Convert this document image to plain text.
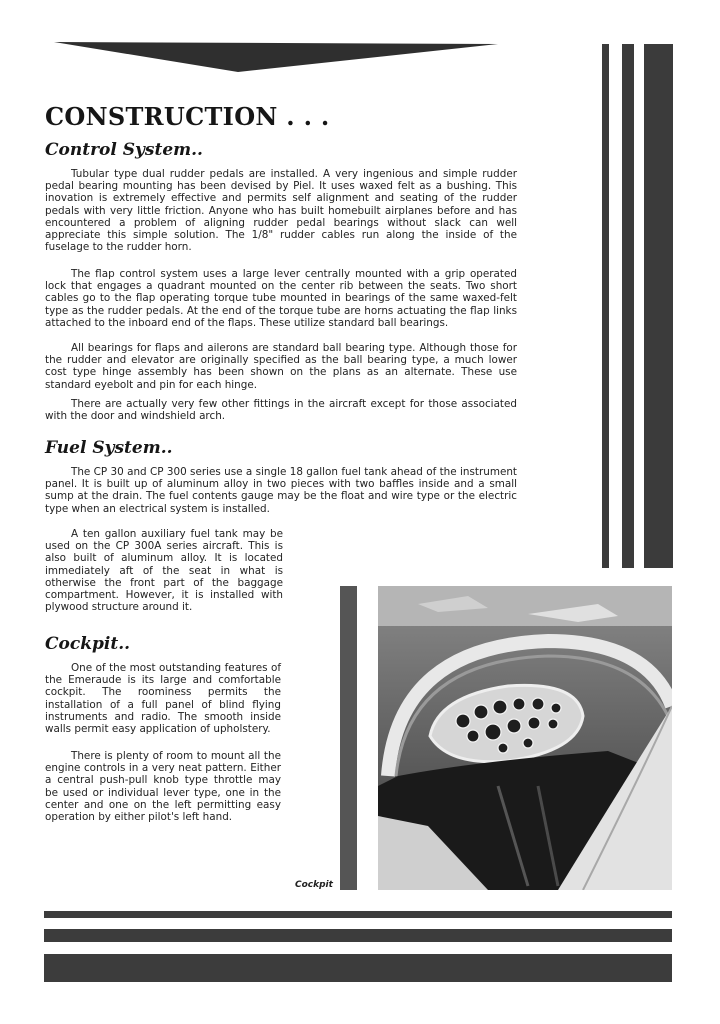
CONSTRUCTION . . .
Control System..

Tubular type dual rudder pedals are installed. A very ingenious and simple rudder pedal bearing mounting has been devised by Piel. It uses waxed felt as a bushing. This inovation is extremely effective and permits self alignment and seating of the rudder pedals with very little friction. Anyone who has built homebuilt airplanes before and has encountered a problem of aligning rudder pedal bearings without slack can well appreciate this simple solution. The 1/8" rudder cables run along the inside of the fuselage to the rudder horn.

The flap control system uses a large lever centrally mounted with a grip operated lock that engages a quadrant mounted on the center rib between the seats. Two short cables go to the flap operating torque tube mounted in bearings of the same waxed-felt type as the rudder pedals. At the end of the torque tube are horns actuating the flap links attached to the inboard end of the flaps. These utilize standard ball bearings.

All bearings for flaps and ailerons are standard ball bearing type. Although those for the rudder and elevator are originally specified as the ball bearing type, a much lower cost type hinge assembly has been shown on the plans as an alternate. These use standard eyebolt and pin for each hinge.

There are actually very few other fittings in the aircraft except for those associated with the door and windshield arch.

Fuel System..

The CP 30 and CP 300 series use a single 18 gallon fuel tank ahead of the instrument panel. It is built up of aluminum alloy in two pieces with two baffles inside and a small sump at the drain. The fuel contents gauge may be the float and wire type or the electric type when an electrical system is installed.

A ten gallon auxiliary fuel tank may be used on the CP 300A series aircraft. This is also built of aluminum alloy. It is located immediately aft of the seat in what is otherwise the front part of the baggage compartment. However, it is installed with plywood structure around it.

Cockpit..

One of the most outstanding features of the Emeraude is its large and comfortable cockpit. The roominess permits the installation of a full panel of blind flying instruments and radio. The smooth inside walls permit easy application of upholstery.

There is plenty of room to mount all the engine controls in a very neat pattern. Either a central push-pull knob type throttle may be used or individual lever type, one in the center and one on the left permitting easy operation by either pilot's left hand.

Cockpit
